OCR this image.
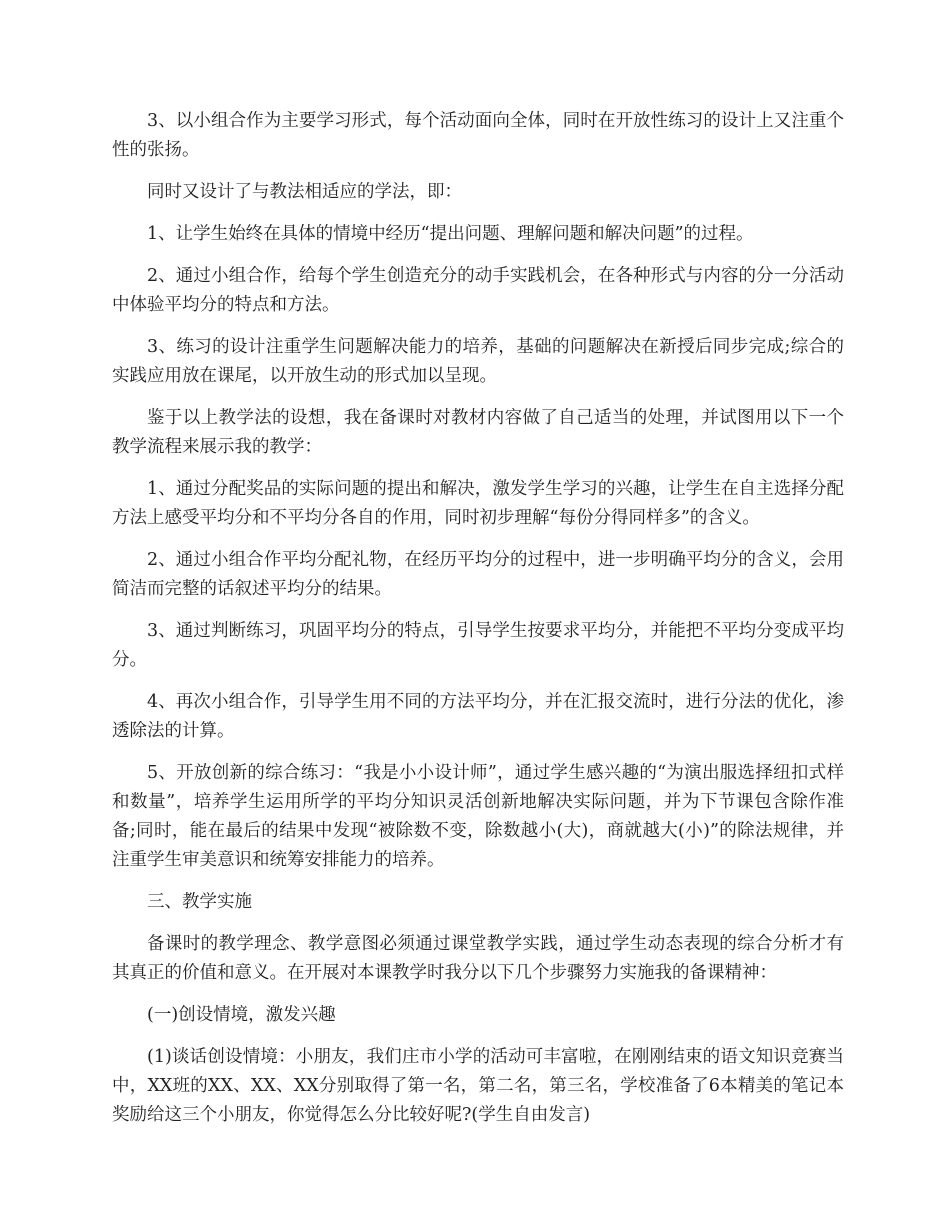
3、以小组合作为主要学习形式，每个活动面向全体，同时在开放性练习的设计上又注重个性的张扬。

同时又设计了与教法相适应的学法，即：

1、让学生始终在具体的情境中经历“提出问题、理解问题和解决问题”的过程。

2、通过小组合作，给每个学生创造充分的动手实践机会，在各种形式与内容的分一分活动中体验平均分的特点和方法。

3、练习的设计注重学生问题解决能力的培养，基础的问题解决在新授后同步完成;综合的实践应用放在课尾，以开放生动的形式加以呈现。

鉴于以上教学法的设想，我在备课时对教材内容做了自己适当的处理，并试图用以下一个教学流程来展示我的教学：

1、通过分配奖品的实际问题的提出和解决，激发学生学习的兴趣，让学生在自主选择分配方法上感受平均分和不平均分各自的作用，同时初步理解“每份分得同样多”的含义。

2、通过小组合作平均分配礼物，在经历平均分的过程中，进一步明确平均分的含义，会用简洁而完整的话叙述平均分的结果。

3、通过判断练习，巩固平均分的特点，引导学生按要求平均分，并能把不平均分变成平均分。

4、再次小组合作，引导学生用不同的方法平均分，并在汇报交流时，进行分法的优化，渗透除法的计算。

5、开放创新的综合练习：“我是小小设计师”，通过学生感兴趣的“为演出服选择纽扣式样和数量”，培养学生运用所学的平均分知识灵活创新地解决实际问题，并为下节课包含除作准备;同时，能在最后的结果中发现“被除数不变，除数越小(大)，商就越大(小)”的除法规律，并注重学生审美意识和统筹安排能力的培养。

三、教学实施

备课时的教学理念、教学意图必须通过课堂教学实践，通过学生动态表现的综合分析才有其真正的价值和意义。在开展对本课教学时我分以下几个步骤努力实施我的备课精神：

(一)创设情境，激发兴趣

(1)谈话创设情境：小朋友，我们庄市小学的活动可丰富啦，在刚刚结束的语文知识竞赛当中，XX班的XX、XX、XX分别取得了第一名，第二名，第三名，学校准备了6本精美的笔记本奖励给这三个小朋友，你觉得怎么分比较好呢?(学生自由发言)
